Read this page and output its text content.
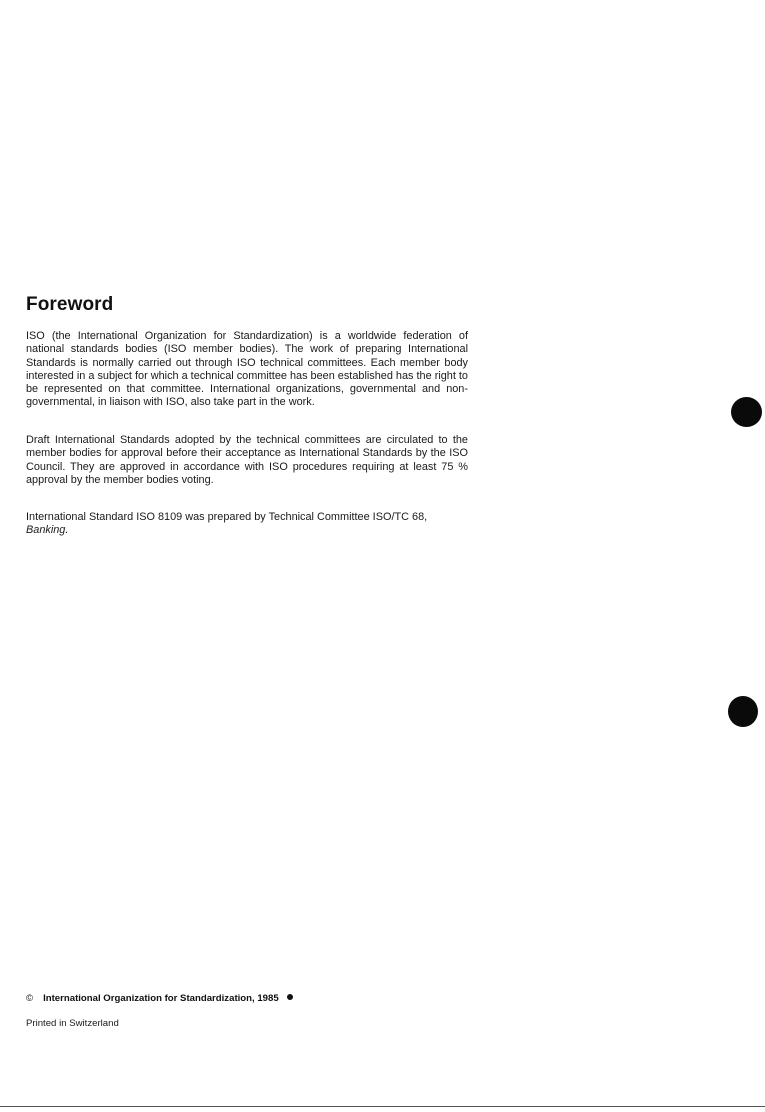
Foreword

ISO (the International Organization for Standardization) is a worldwide federation of national standards bodies (ISO member bodies). The work of preparing International Standards is normally carried out through ISO technical committees. Each member body interested in a subject for which a technical committee has been established has the right to be represented on that committee. International organizations, governmental and non-governmental, in liaison with ISO, also take part in the work.

Draft International Standards adopted by the technical committees are circulated to the member bodies for approval before their acceptance as International Standards by the ISO Council. They are approved in accordance with ISO procedures requiring at least 75 % approval by the member bodies voting.

International Standard ISO 8109 was prepared by Technical Committee ISO/TC 68,
Banking.

© International Organization for Standardization, 1985
Printed in Switzerland
